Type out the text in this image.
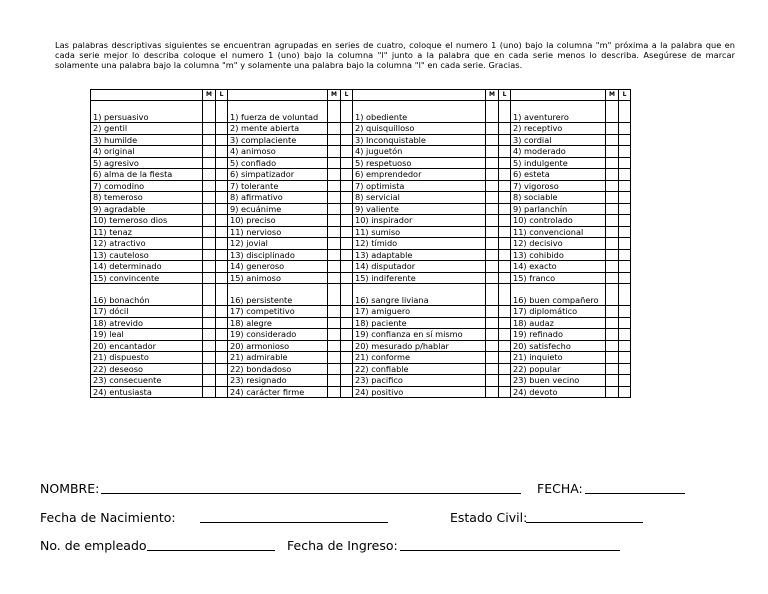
Las palabras descriptivas siguientes se encuentran agrupadas en series de cuatro, coloque el numero 1 (uno) bajo la columna "m" próxima a la palabra que en cada serie mejor lo describa coloque el numero 1 (uno) bajo la columna "l" junto a la palabra que en cada serie menos lo describa. Asegúrese de marcar solamente una palabra bajo la columna "m" y solamente una palabra bajo la columna "l" en cada serie. Gracias.
	M	L		M	L		M	L		M	L
1) persuasivo			1) fuerza de voluntad			1) obediente			1) aventurero		
2) gentil			2) mente abierta			2) quisquilloso			2) receptivo		
3) humilde			3) complaciente			3) Inconquistable			3) cordial		
4) original			4) animoso			4) juguetón			4) moderado		
5) agresivo			5) confiado			5) respetuoso			5) indulgente		
6) alma de la fiesta			6) simpatizador			6) emprendedor			6) esteta		
7) comodino			7) tolerante			7) optimista			7) vigoroso		
8) temeroso			8) afirmativo			8) servicial			8) sociable		
9) agradable			9) ecuánime			9) valiente			9) parlanchín		
10) temeroso dios			10) preciso			10) inspirador			10) controlado		
11) tenaz			11) nervioso			11) sumiso			11) convencional		
12) atractivo			12) jovial			12) tímido			12) decisivo		
13) cauteloso			13) disciplinado			13) adaptable			13) cohibido		
14) determinado			14) generoso			14) disputador			14) exacto		
15) convincente			15) animoso			15) indiferente			15) franco		
16) bonachón			16) persistente			16) sangre liviana			16) buen compañero		
17) dócil			17) competitivo			17) amiguero			17) diplomático		
18) atrevido			18) alegre			18) paciente			18) audaz		
19) leal			19) considerado			19) confianza en sí mismo			19) refinado		
20) encantador			20) armonioso			20) mesurado p/hablar			20) satisfecho		
21) dispuesto			21) admirable			21) conforme			21) inquieto		
22) deseoso			22) bondadoso			22) confiable			22) popular		
23) consecuente			23) resignado			23) pacifico			23) buen vecino		
24) entusiasta			24) carácter firme			24) positivo			24) devoto		
NOMBRE:	FECHA:
Fecha de Nacimiento:	Estado Civil:
No. de empleado	Fecha de Ingreso:
